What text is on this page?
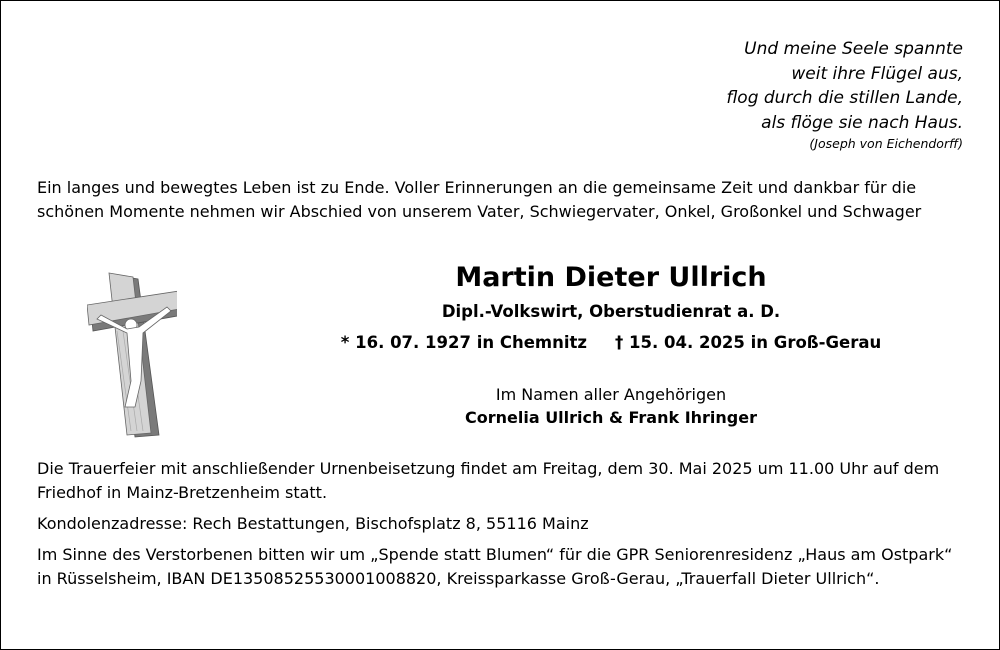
Und meine Seele spannte
weit ihre Flügel aus,
flog durch die stillen Lande,
als flöge sie nach Haus.
(Joseph von Eichendorff)
Ein langes und bewegtes Leben ist zu Ende. Voller Erinnerungen an die gemeinsame Zeit und dankbar für die schönen Momente nehmen wir Abschied von unserem Vater, Schwiegervater, Onkel, Großonkel und Schwager
Martin Dieter Ullrich
Dipl.-Volkswirt, Oberstudienrat a. D.
* 16. 07. 1927 in Chemnitz † 15. 04. 2025 in Groß-Gerau
Im Namen aller Angehörigen
Cornelia Ullrich & Frank Ihringer
Die Trauerfeier mit anschließender Urnenbeisetzung findet am Freitag, dem 30. Mai 2025 um 11.00 Uhr auf dem Friedhof in Mainz-Bretzenheim statt.
Kondolenzadresse: Rech Bestattungen, Bischofsplatz 8, 55116 Mainz
Im Sinne des Verstorbenen bitten wir um „Spende statt Blumen“ für die GPR Seniorenresidenz „Haus am Ostpark“ in Rüsselsheim, IBAN DE13508525530001008820, Kreissparkasse Groß-Gerau, „Trauerfall Dieter Ullrich“.
